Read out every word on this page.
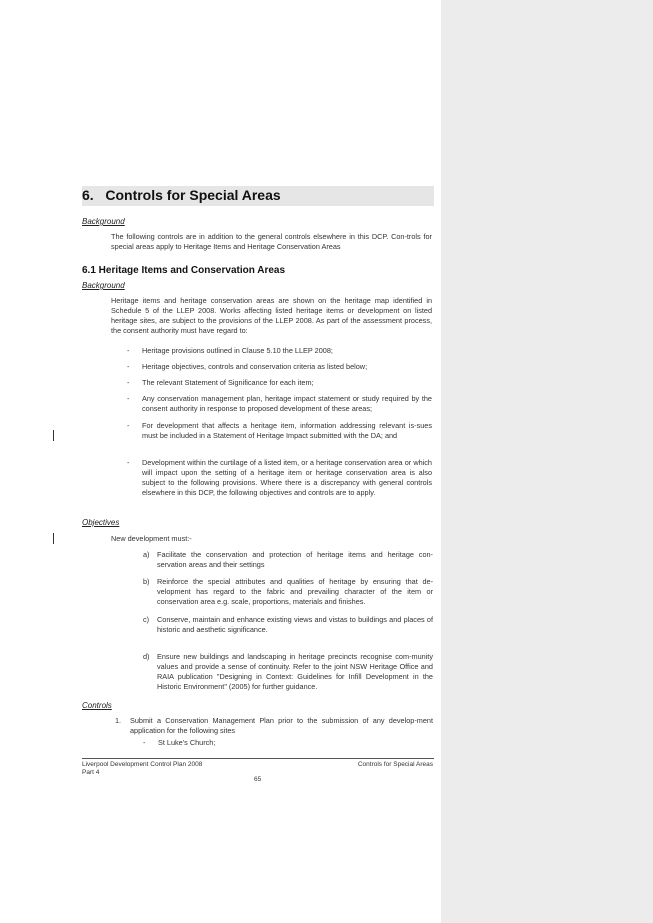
6. Controls for Special Areas
Background
The following controls are in addition to the general controls elsewhere in this DCP. Con-trols for special areas apply to Heritage Items and Heritage Conservation Areas
6.1 Heritage Items and Conservation Areas
Background
Heritage items and heritage conservation areas are shown on the heritage map identified in Schedule 5 of the LLEP 2008. Works affecting listed heritage items or development on listed heritage sites, are subject to the provisions of the LLEP 2008. As part of the assessment process, the consent authority must have regard to:
- Heritage provisions outlined in Clause 5.10 the LLEP 2008;
- Heritage objectives, controls and conservation criteria as listed below;
- The relevant Statement of Significance for each item;
- Any conservation management plan, heritage impact statement or study required by the consent authority in response to proposed development of these areas;
- For development that affects a heritage item, information addressing relevant is-sues must be included in a Statement of Heritage Impact submitted with the DA; and
- Development within the curtilage of a listed item, or a heritage conservation area or which will impact upon the setting of a heritage item or heritage conservation area is also subject to the following provisions. Where there is a discrepancy with general controls elsewhere in this DCP, the following objectives and controls are to apply.
Objectives
New development must:-
a) Facilitate the conservation and protection of heritage items and heritage con-servation areas and their settings
b) Reinforce the special attributes and qualities of heritage by ensuring that de-velopment has regard to the fabric and prevailing character of the item or conservation area e.g. scale, proportions, materials and finishes.
c) Conserve, maintain and enhance existing views and vistas to buildings and places of historic and aesthetic significance.
d) Ensure new buildings and landscaping in heritage precincts recognise com-munity values and provide a sense of continuity. Refer to the joint NSW Heritage Office and RAIA publication "Designing in Context: Guidelines for Infill Development in the Historic Environment" (2005) for further guidance.
Controls
1. Submit a Conservation Management Plan prior to the submission of any develop-ment application for the following sites
- St Luke's Church;
Liverpool Development Control Plan 2008
Part 4
Controls for Special Areas
65
